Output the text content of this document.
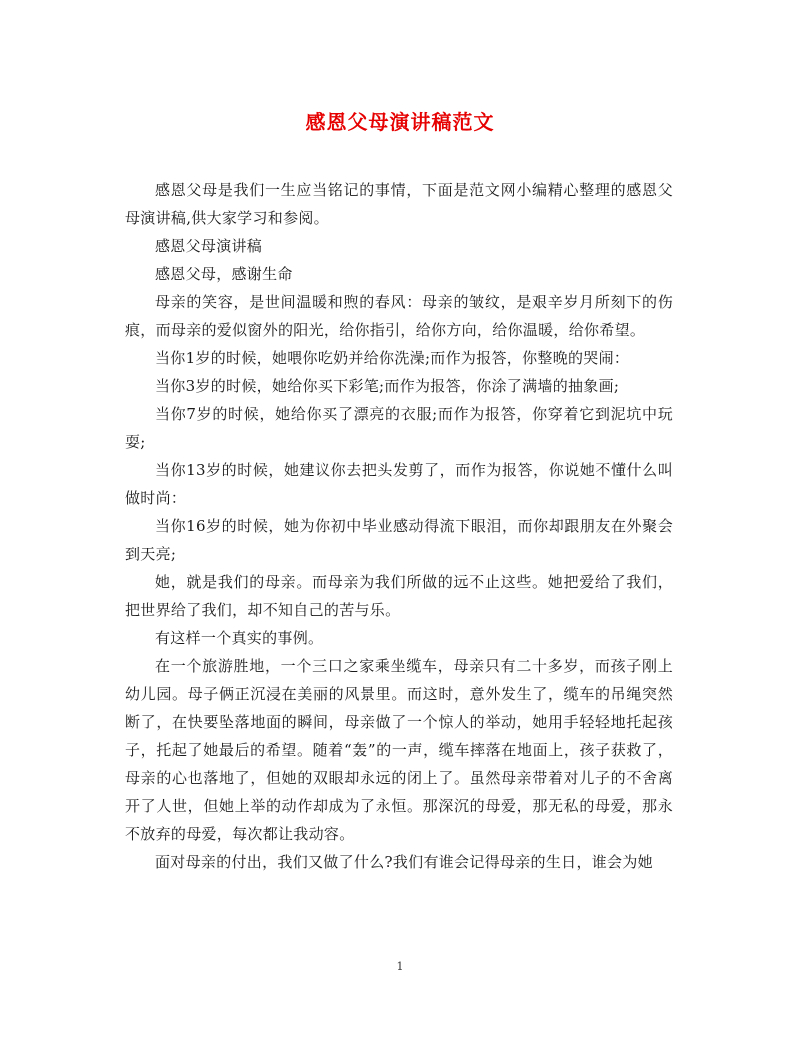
感恩父母演讲稿范文

感恩父母是我们一生应当铭记的事情，下面是范文网小编精心整理的感恩父母演讲稿,供大家学习和参阅。

感恩父母演讲稿

感恩父母，感谢生命

母亲的笑容，是世间温暖和煦的春风：母亲的皱纹，是艰辛岁月所刻下的伤痕，而母亲的爱似窗外的阳光，给你指引，给你方向，给你温暖，给你希望。

当你1岁的时候，她喂你吃奶并给你洗澡;而作为报答，你整晚的哭闹：

当你3岁的时候，她给你买下彩笔;而作为报答，你涂了满墙的抽象画;

当你7岁的时候，她给你买了漂亮的衣服;而作为报答，你穿着它到泥坑中玩耍;

当你13岁的时候，她建议你去把头发剪了，而作为报答，你说她不懂什么叫做时尚：

当你16岁的时候，她为你初中毕业感动得流下眼泪，而你却跟朋友在外聚会到天亮;

她，就是我们的母亲。而母亲为我们所做的远不止这些。她把爱给了我们，把世界给了我们，却不知自己的苦与乐。

有这样一个真实的事例。

在一个旅游胜地，一个三口之家乘坐缆车，母亲只有二十多岁，而孩子刚上幼儿园。母子俩正沉浸在美丽的风景里。而这时，意外发生了，缆车的吊绳突然断了，在快要坠落地面的瞬间，母亲做了一个惊人的举动，她用手轻轻地托起孩子，托起了她最后的希望。随着“轰”的一声，缆车摔落在地面上，孩子获救了，母亲的心也落地了，但她的双眼却永远的闭上了。虽然母亲带着对儿子的不舍离开了人世，但她上举的动作却成为了永恒。那深沉的母爱，那无私的母爱，那永不放弃的母爱，每次都让我动容。

面对母亲的付出，我们又做了什么?我们有谁会记得母亲的生日，谁会为她

1
